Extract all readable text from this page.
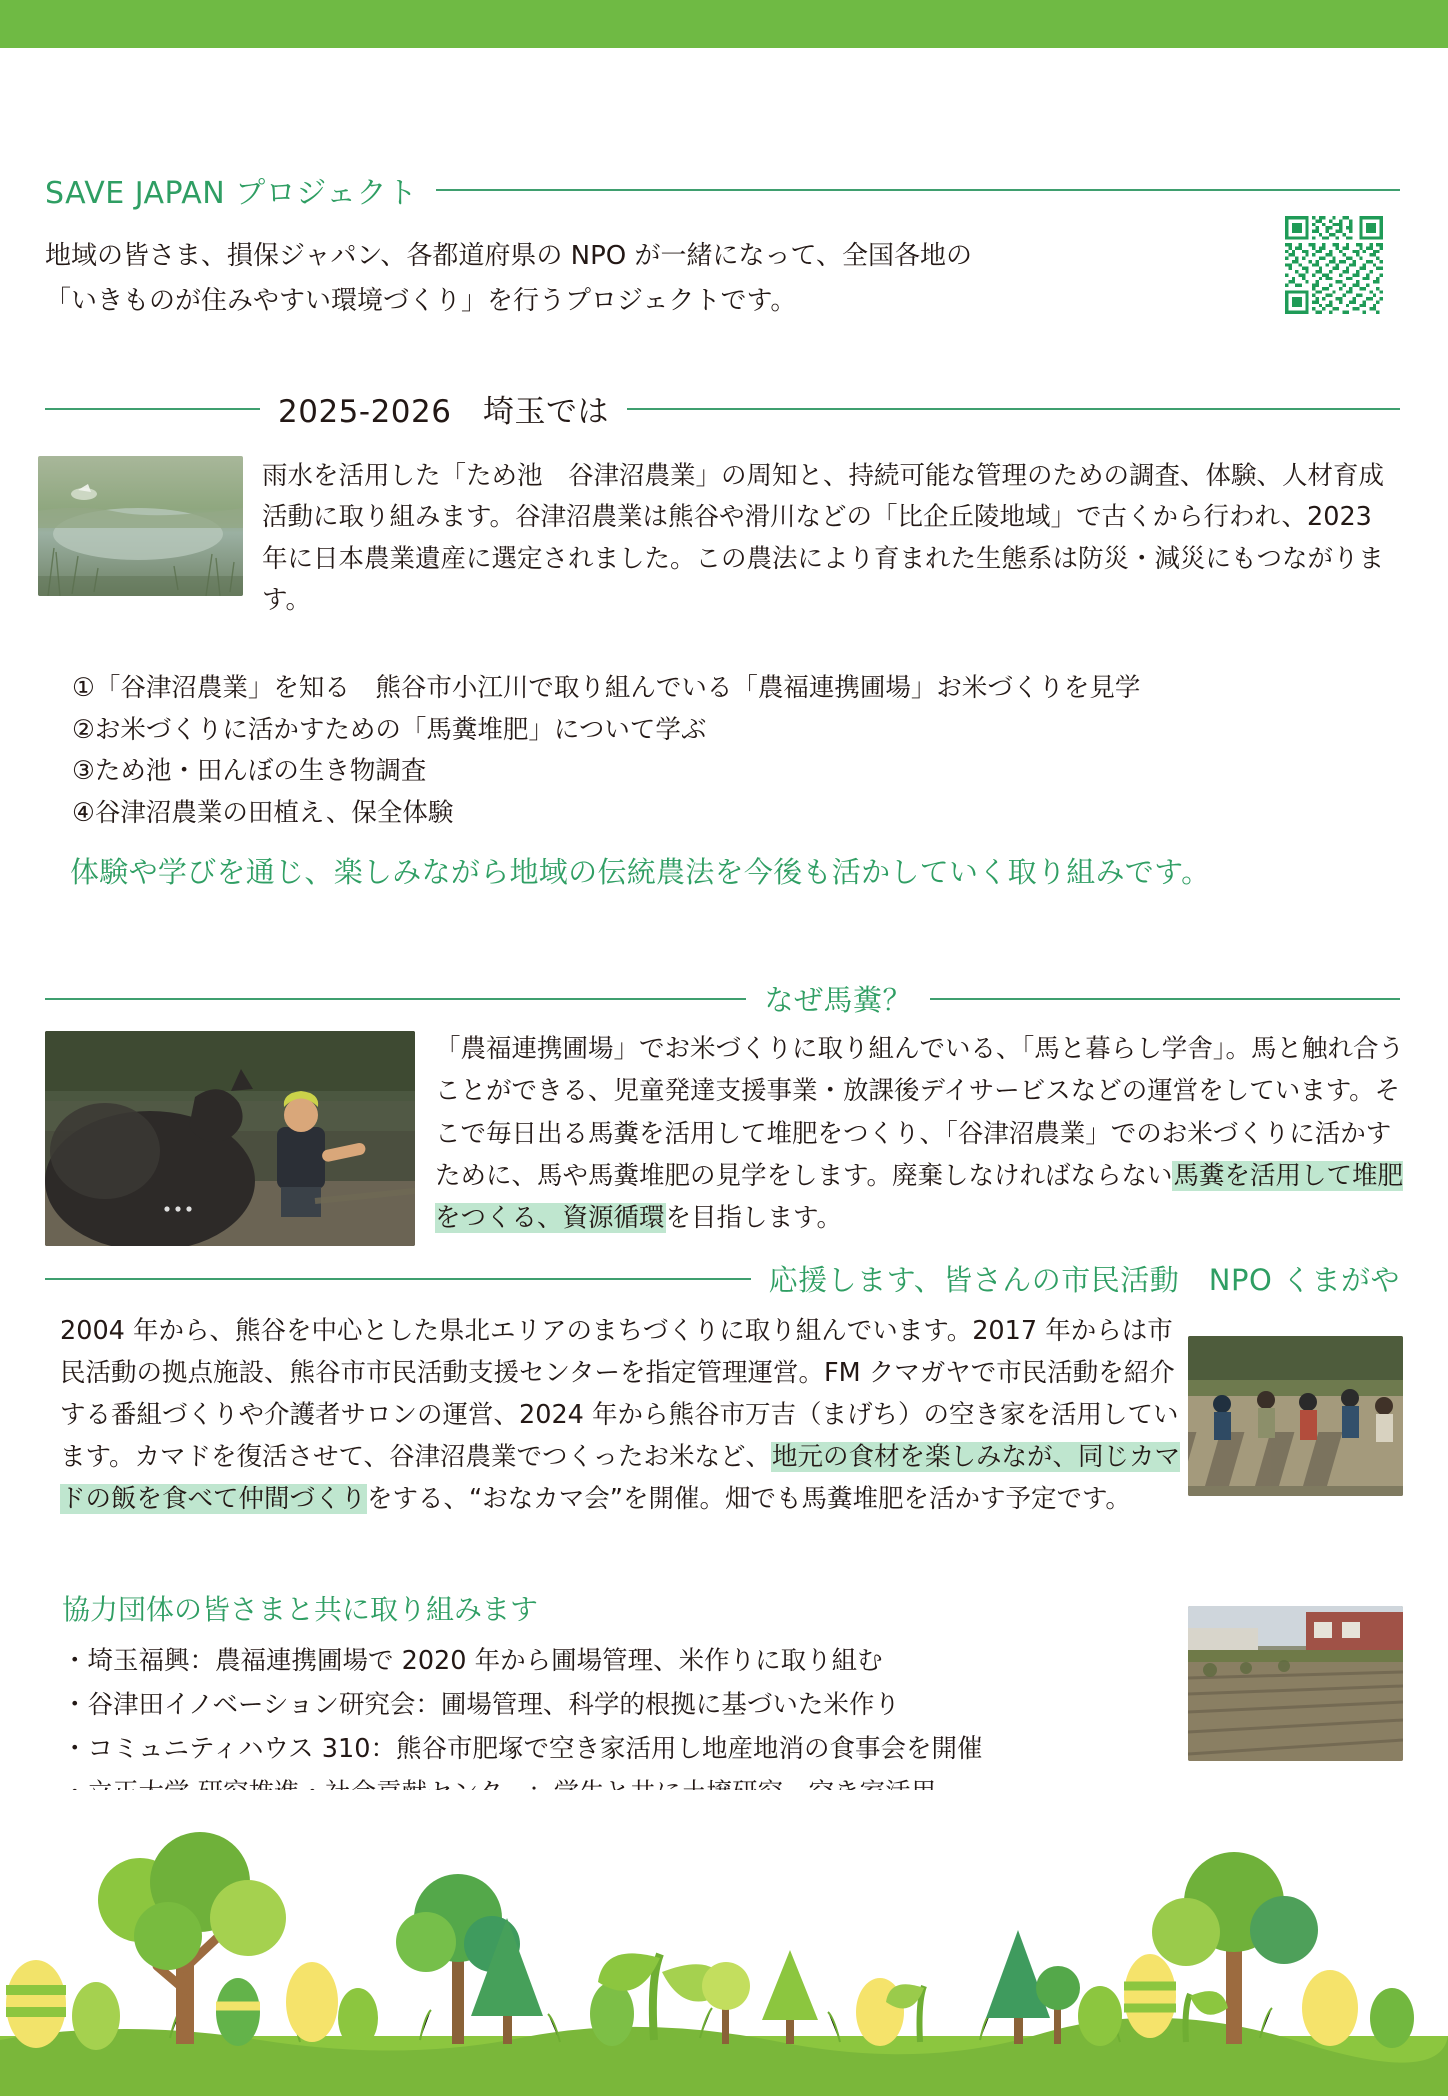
SAVE JAPAN プロジェクト
地域の皆さま、損保ジャパン、各都道府県の NPO が一緒になって、全国各地の
「いきものが住みやすい環境づくり」を行うプロジェクトです。
2025-2026　埼玉では
雨水を活用した「ため池　谷津沼農業」の周知と、持続可能な管理のための調査、体験、人材育成活動に取り組みます。谷津沼農業は熊谷や滑川などの「比企丘陵地域」で古くから行われ、2023 年に日本農業遺産に選定されました。この農法により育まれた生態系は防災・減災にもつながります。
①「谷津沼農業」を知る　熊谷市小江川で取り組んでいる「農福連携圃場」お米づくりを見学
②お米づくりに活かすための「馬糞堆肥」について学ぶ
③ため池・田んぼの生き物調査
④谷津沼農業の田植え、保全体験
体験や学びを通じ、楽しみながら地域の伝統農法を今後も活かしていく取り組みです。
なぜ馬糞？
「農福連携圃場」でお米づくりに取り組んでいる、「馬と暮らし学舎」。馬と触れ合うことができる、児童発達支援事業・放課後デイサービスなどの運営をしています。そこで毎日出る馬糞を活用して堆肥をつくり、「谷津沼農業」でのお米づくりに活かすために、馬や馬糞堆肥の見学をします。廃棄しなければならない馬糞を活用して堆肥をつくる、資源循環を目指します。
応援します、皆さんの市民活動　NPO くまがや
2004 年から、熊谷を中心とした県北エリアのまちづくりに取り組んでいます。2017 年からは市民活動の拠点施設、熊谷市市民活動支援センターを指定管理運営。FM クマガヤで市民活動を紹介する番組づくりや介護者サロンの運営、2024 年から熊谷市万吉（まげち）の空き家を活用しています。カマドを復活させて、谷津沼農業でつくったお米など、地元の食材を楽しみなが、同じカマドの飯を食べて仲間づくりをする、“おなカマ会”を開催。畑でも馬糞堆肥を活かす予定です。
協力団体の皆さまと共に取り組みます
・埼玉福興：農福連携圃場で 2020 年から圃場管理、米作りに取り組む
・谷津田イノベーション研究会：圃場管理、科学的根拠に基づいた米作り
・コミュニティハウス 310：熊谷市肥塚で空き家活用し地産地消の食事会を開催
